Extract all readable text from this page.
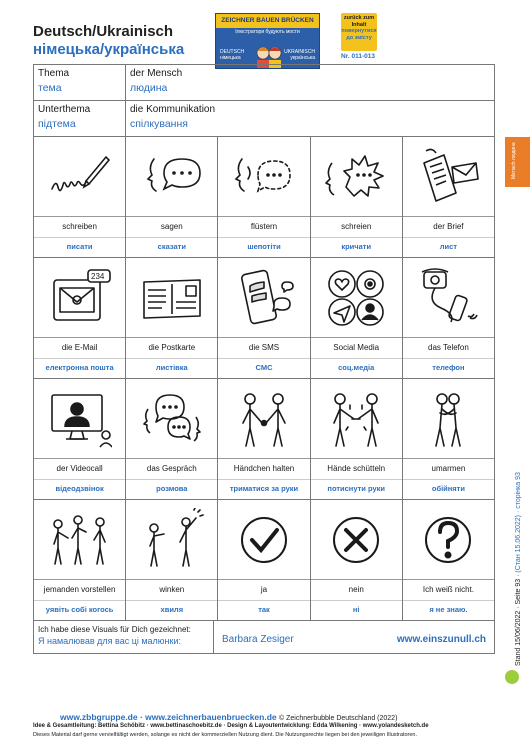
Deutsch/Ukrainisch
німецька/українська
ZEICHNER BAUEN BRÜCKEN
Ілюстратори будують мости
DEUTSCH
німецька
UKRAINISCH
українська
zurück zum Inhalt
повернутися до змісту
Nr. 011-013
Mensch людина
Stand 15/06/2022 · Seite 93 · (Стан 15.06.2022) · сторінка 93
Thema
тема
der Mensch
людина
Unterthema
підтема
die Kommunikation
спілкування
schreiben
писати
sagen
сказати
flüstern
шепотіти
schreien
кричати
der Brief
лист
234
die E-Mail
електронна пошта
die Postkarte
листівка
die SMS
СМС
Social Media
соц.медіа
das Telefon
телефон
der Videocall
відеодзвінок
das Gespräch
розмова
Händchen halten
триматися за руки
Hände schütteln
потиснути руки
umarmen
обійняти
jemanden vorstellen
уявіть собі когось
winken
хвиля
ja
так
nein
ні
Ich weiß nicht.
я не знаю.
Ich habe diese Visuals für Dich gezeichnet:
Я намалював для вас ці малюнки:	Barbara Zesiger	www.einszunull.ch
www.zbbgruppe.de · www.zeichnerbauenbruecken.de © Zeichnerbubble Deutschland (2022)
Idee & Gesamtleitung: Bettina Schöbitz · www.bettinaschoebitz.de · Design & Layoutentwicklung: Edda Wilkening · www.yolandesketch.de
Dieses Material darf gerne vervielfältigt werden, solange es nicht der kommerziellen Nutzung dient. Die Nutzungsrechte liegen bei den jeweiligen Illustratoren.
